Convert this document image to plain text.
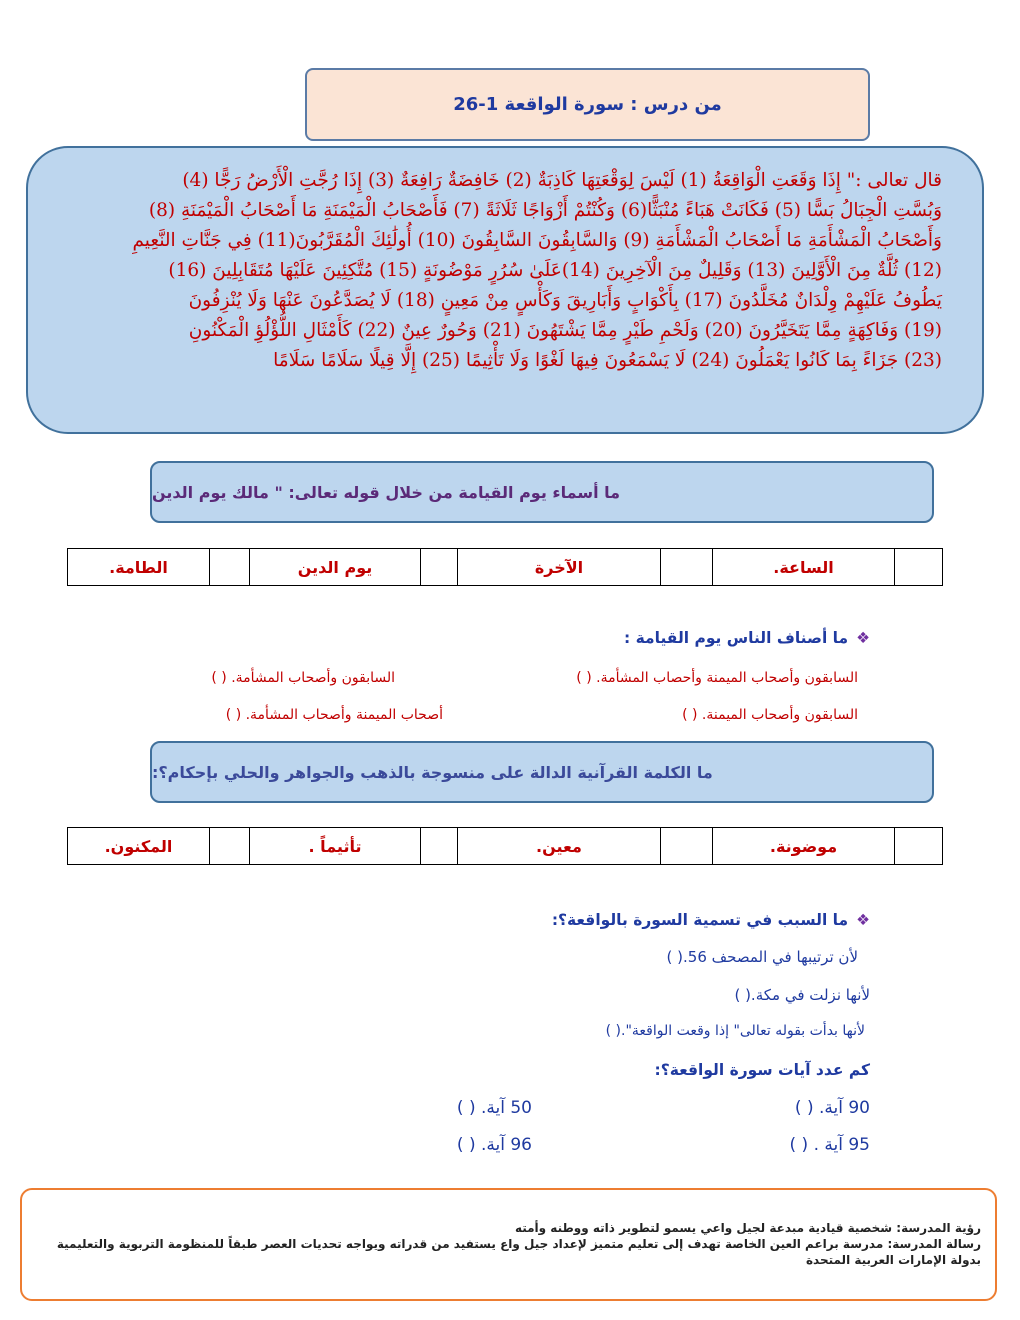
من درس : سورة الواقعة 1-26
قال تعالى :" إِذَا وَقَعَتِ الْوَاقِعَةُ (1) لَيْسَ لِوَقْعَتِهَا كَاذِبَةٌ (2) خَافِضَةٌ رَافِعَةٌ (3) إِذَا رُجَّتِ الْأَرْضُ رَجًّا (4)
وَبُسَّتِ الْجِبَالُ بَسًّا (5) فَكَانَتْ هَبَاءً مُنْبَثًّا(6) وَكُنْتُمْ أَزْوَاجًا ثَلَاثَةً (7) فَأَصْحَابُ الْمَيْمَنَةِ مَا أَصْحَابُ الْمَيْمَنَةِ (8)
وَأَصْحَابُ الْمَشْأَمَةِ مَا أَصْحَابُ الْمَشْأَمَةِ (9) وَالسَّابِقُونَ السَّابِقُونَ (10) أُولَٰئِكَ الْمُقَرَّبُونَ(11) فِي جَنَّاتِ النَّعِيمِ
(12) ثُلَّةٌ مِنَ الْأَوَّلِينَ (13) وَقَلِيلٌ مِنَ الْآخِرِينَ (14)عَلَىٰ سُرُرٍ مَوْضُونَةٍ (15) مُتَّكِئِينَ عَلَيْهَا مُتَقَابِلِينَ (16)
يَطُوفُ عَلَيْهِمْ وِلْدَانٌ مُخَلَّدُونَ (17) بِأَكْوَابٍ وَأَبَارِيقَ وَكَأْسٍ مِنْ مَعِينٍ (18) لَا يُصَدَّعُونَ عَنْهَا وَلَا يُنْزِفُونَ
(19) وَفَاكِهَةٍ مِمَّا يَتَخَيَّرُونَ (20) وَلَحْمِ طَيْرٍ مِمَّا يَشْتَهُونَ (21) وَحُورٌ عِينٌ (22) كَأَمْثَالِ اللُّؤْلُؤِ الْمَكْنُونِ
(23) جَزَاءً بِمَا كَانُوا يَعْمَلُونَ (24) لَا يَسْمَعُونَ فِيهَا لَغْوًا وَلَا تَأْثِيمًا (25) إِلَّا قِيلًا سَلَامًا سَلَامًا
ما أسماء يوم القيامة من خلال قوله تعالى: " مالك يوم الدين
	الساعة.		الآخرة		يوم الدين		الطامة.
❖ما أصناف الناس يوم القيامة :
السابقون وأصحاب الميمنة وأحصاب المشأمة. ( )
السابقون وأصحاب المشأمة. ( )
السابقون وأصحاب الميمنة. ( )
أصحاب الميمنة وأصحاب المشأمة. ( )
ما الكلمة القرآنية الدالة على منسوجة بالذهب والجواهر والحلي بإحكام؟:
	موضونة.		معين.		تأثيماً .		المكنون.
❖ما السبب في تسمية السورة بالواقعة؟:
لأن ترتيبها في المصحف 56.( )
لأنها نزلت في مكة.( )
لأنها بدأت بقوله تعالى" إذا وقعت الواقعة".( )
كم عدد آيات سورة الواقعة؟:
90 آية. ( )
50 آية. ( )
95 آية . ( )
96 آية. ( )
رؤية المدرسة: شخصية قيادية مبدعة لجيل واعي يسمو لتطوير ذاته ووطنه وأمته
رسالة المدرسة: مدرسة براعم العين الخاصة تهدف إلى تعليم متميز لإعداد جيل واع يستفيد من قدراته ويواجه تحديات العصر طبقاً للمنظومة التربوية والتعليمية
بدولة الإمارات العربية المتحدة
